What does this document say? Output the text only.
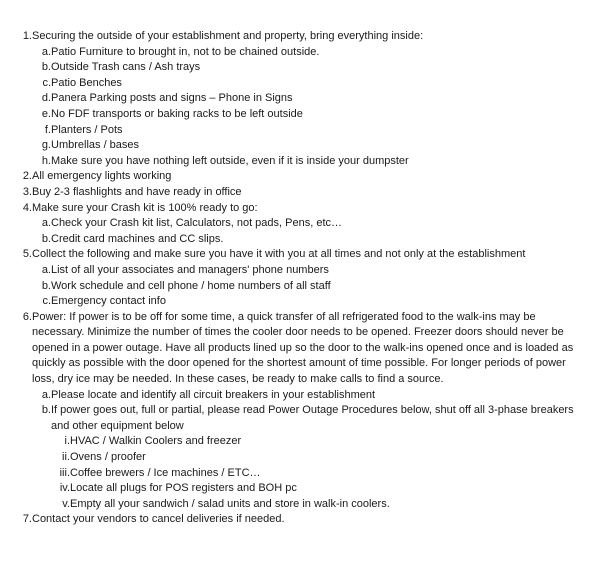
1. Securing the outside of your establishment and property, bring everything inside:
a. Patio Furniture to brought in, not to be chained outside.
b. Outside Trash cans / Ash trays
c. Patio Benches
d. Panera Parking posts and signs – Phone in Signs
e. No FDF transports or baking racks to be left outside
f. Planters / Pots
g. Umbrellas / bases
h. Make sure you have nothing left outside, even if it is inside your dumpster
2. All emergency lights working
3. Buy 2-3 flashlights and have ready in office
4. Make sure your Crash kit is 100% ready to go:
a. Check your Crash kit list, Calculators, not pads, Pens, etc…
b. Credit card machines and CC slips.
5. Collect the following and make sure you have it with you at all times and not only at the establishment
a. List of all your associates and managers' phone numbers
b. Work schedule and cell phone / home numbers of all staff
c. Emergency contact info
6. Power: If power is to be off for some time, a quick transfer of all refrigerated food to the walk-ins may be necessary. Minimize the number of times the cooler door needs to be opened. Freezer doors should never be opened in a power outage. Have all products lined up so the door to the walk-ins opened once and is loaded as quickly as possible with the door opened for the shortest amount of time possible. For longer periods of power loss, dry ice may be needed. In these cases, be ready to make calls to find a source.
a. Please locate and identify all circuit breakers in your establishment
b. If power goes out, full or partial, please read Power Outage Procedures below, shut off all 3-phase breakers and other equipment below
i. HVAC / Walkin Coolers and freezer
ii. Ovens / proofer
iii. Coffee brewers / Ice machines / ETC…
iv. Locate all plugs for POS registers and BOH pc
v. Empty all your sandwich / salad units and store in walk-in coolers.
7. Contact your vendors to cancel deliveries if needed.
